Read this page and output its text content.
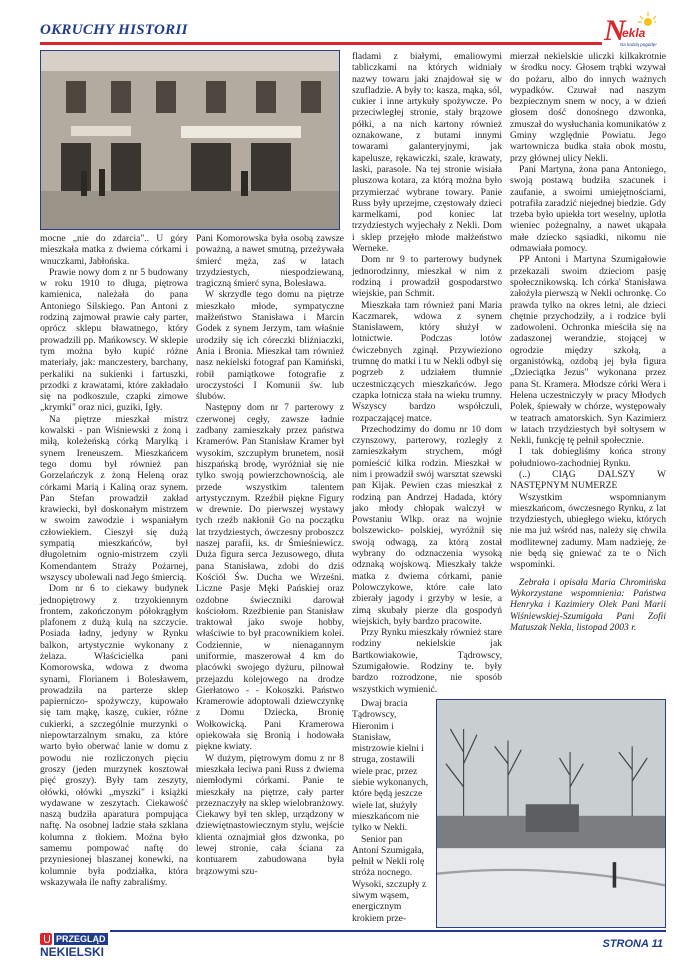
OKRUCHY HISTORII	N
ekla
Na każdą pogodę!

mocne „nie do zdarcia".. U góry mieszkała matka z dwiema córkami i wnuczkami, Jabłońska.

Prawie nowy dom z nr 5 budowany w roku 1910 to długa, piętrowa kamienica, należała do pana Antoniego Silskiego. Pan Antoni z rodziną zajmował prawie cały parter, oprócz sklepu bławatnego, który prowadzili pp. Mańkowscy. W sklepie tym można było kupić różne materiały, jak: manczestery, barchany, perkaliki na sukienki i fartuszki, przodki z krawatami, które zakładało się na podkoszule, czapki zimowe „krymki" oraz nici, guziki, Igły.

Na piętrze mieszkał mistrz kowalski - pan Wiśniewski z żoną i miłą, koleżeńską córką Marylką i synem Ireneuszem. Mieszkańcem tego domu był również pan Gorzelańczyk z żoną Heleną oraz córkami Marią i Kaliną oraz synem. Pan Stefan prowadził zakład krawiecki, był doskonałym mistrzem w swoim zawodzie i wspaniałym człowiekiem. Cieszył się dużą sympatią mieszkańców, był długoletnim ognio-mistrzem czyli Komendantem Straży Pożarnej, wszyscy ubolewali nad Jego śmiercią.

Dom nr 6 to ciekawy budynek jednopiętrowy z trzyokiennym frontem, zakończonym półokrągłym plafonem z dużą kulą na szczycie. Posiada ładny, jedyny w Rynku balkon, artystycznie wykonany z żelaza. Właścicielka pani Komorowska, wdowa z dwoma synami, Florianem i Bolesławem, prowadziła na parterze sklep papierniczo- spożywczy, kupowało się tam mąkę, kaszę, cukier, różne cukierki, a szczególnie murzynki o niepowtarzalnym smaku, za które warto było oberwać lanie w domu z powodu nie rozliczonych pięciu groszy (jeden murzynek kosztował pięć groszy). Były tam zeszyty, ołówki, ołówki „myszki" i książki wydawane w zeszytach. Ciekawość naszą budziła aparatura pompująca naftę. Na osobnej ladzie stała szklana kolumna z tłokiem. Można było samemu pompować naftę do przyniesionej blaszanej konewki, na kolumnie była podziałka, która wskazywała ile nafty zabraliśmy.

Pani Komorowska była osobą zawsze poważną, a nawet smutną, przeżywała śmierć męża, zaś w latach trzydziestych, niespodziewaną, tragiczną śmierć syna, Bolesława.

W skrzydle tego domu na piętrze mieszkało młode, sympatyczne małżeństwo Stanisława i Marcin Godek z synem Jerzym, tam właśnie urodziły się ich córeczki bliźniaczki, Ania i Bronia. Mieszkał tam również nasz nekielski fotograf pan Kamiński, robił pamiątkowe fotografie z uroczystości I Komunii św. lub ślubów.

Następny dom nr 7 parterowy z czerwonej cegły, zawsze ładnie zadbany zamieszkały przez państwa Kramerów. Pan Stanisław Kramer był wysokim, szczupłym brunetem, nosił hiszpańską brodę, wyróżniał się nie tylko swoją powierzchownością, ale przede wszystkim talentem artystycznym. Rzeźbił piękne Figury w drewnie. Do pierwszej wystawy tych rzeźb nakłonił Go na początku lat trzydziestych, ówczesny proboszcz naszej parafii, ks. dr Śmieśniewicz. Duża figura serca Jezusowego, dłuta pana Stanisława, zdobi do dziś Kościół Św. Ducha we Wrześni. Liczne Pasje Męki Pańskiej oraz ozdobne świeczniki darował kościołom. Rzeźbienie pan Stanisław traktował jako swoje hobby, właściwie to był pracownikiem kolei. Codziennie, w nienagannym uniformie, maszerował 4 km do placówki swojego dyżuru, pilnował przejazdu kolejowego na drodze Gierłatowo - - Kokoszki. Państwo Kramerowie adoptowali dziewczynkę z Domu Dziecka, Bronię Wołkowicką. Pani Kramerowa opiekowała się Bronią i hodowała piękne kwiaty.

W dużym, piętrowym domu z nr 8 mieszkała leciwa pani Russ z dwiema niemłodymi córkami. Panie te mieszkały na piętrze, cały parter przeznaczyły na sklep wielobranżowy. Ciekawy był ten sklep, urządzony w dziewiętnastowiecznym stylu, wejście klienta oznajmiał głos dzwonka, po lewej stronie, cała ściana za kontuarem zabudowana była brązowymi szu-

fladami z białymi, emaliowymi tabliczkami na których widniały nazwy towaru jaki znajdował się w szufladzie. A były to: kasza, mąka, sól, cukier i inne artykuły spożywcze. Po przeciwległej stronie, stały brązowe półki, a na nich kartony również oznakowane, z butami innymi towarami galanteryjnymi, jak kapelusze, rękawiczki, szale, krawaty, laski, parasole. Na tej stronie wisiała pluszowa kotara, za którą można było przymierzać wybrane towary. Panie Russ były uprzejme, częstowały dzieci karmelkami, pod koniec lat trzydziestych wyjechały z Nekli. Dom i sklep przejęło młode małżeństwo Werneke.

Dom nr 9 to parterowy budynek jednorodzinny, mieszkał w nim z rodziną i prowadził gospodarstwo wiejskie, pan Schmit.

Mieszkała tam również pani Maria Kaczmarek, wdowa z synem Stanisławem, który służył w lotnictwie. Podczas lotów ćwiczebnych zginął. Przywieziono trumnę do matki i tu w Nekli odbył się pogrzeb z udziałem tłumnie uczestniczących mieszkańców. Jego czapka lotnicza stała na wieku trumny. Wszyscy bardzo współczuli, rozpaczającej matce.

Przechodzimy do domu nr 10 dom czynszowy, parterowy, rozległy z zamieszkałym strychem, mógł pomieścić kilka rodzin. Mieszkał w nim i prowadził swój warsztat szewski pan Kijak. Pewien czas mieszkał z rodziną pan Andrzej Hadada, który jako młody chłopak walczył w Powstaniu Wlkp. oraz na wojnie bolszewicko- polskiej, wyróżnił się swoją odwagą, za którą został wybrany do odznaczenia wysoką odznaką wojskową. Mieszkały także matka z dwiema córkami, panie Polowczykowe, które całe lato zbierały jagody i grzyby w lesie, a zimą skubały pierze dla gospodyń wiejskich, były bardzo pracowite.

Przy Rynku mieszkały również stare rodziny nekielskie jak Bartkowiakowie, Tądrowscy, Szumigałowie. Rodziny te. były bardzo rozrodzone, nie sposób wszystkich wymienić.

Dwaj bracia Tądrowscy, Hieronim i Stanisław, mistrzowie kielni i struga, zostawili wiele prac, przez siebie wykonanych, które będą jeszcze wiele lat, służyły mieszkańcom nie tylko w Nekli.

Senior pan Antoni Szumigała, pełnił w Nekli rolę stróża nocnego. Wysoki, szczupły z siwym wąsem, energicznym krokiem prze-

mierzał nekielskie uliczki kilkakrotnie w środku nocy. Głosem trąbki wzywał do pożaru, albo do innych ważnych wypadków. Czuwał nad naszym bezpiecznym snem w nocy, a w dzień głosem dość donośnego dzwonka, zmuszał do wysłuchania komunikatów z Gminy względnie Powiatu. Jego wartownicza budka stała obok mostu, przy głównej ulicy Nekli.

Pani Martyna, żona pana Antoniego, swoją postawą budziła szacunek i zaufanie, a swoimi umiejętnościami, potrafiła zaradzić niejednej biedzie. Gdy trzeba było upiekła tort weselny, uplotła wieniec pożegnalny, a nawet ukąpała małe dziecko sąsiadki, nikomu nie odmawiała pomocy.

PP Antoni i Martyna Szumigałowie przekazali swoim dzieciom pasję społecznikowską. Ich córka' Stanisława założyła pierwszą w Nekli ochronkę. Co prawda tylko na okres letni, ale dzieci chętnie przychodziły, a i rodzice byli zadowoleni. Ochronka mieściła się na zadaszonej werandzie, stojącej w ogrodzie między szkołą, a organistówką, ozdobą jej była figura „Dzieciątka Jezus" wykonana przez pana St. Kramera. Młodsze córki Wera i Helena uczestniczyły w pracy Młodych Polek, śpiewały w chórze, występowały w teatrach amatorskich. Syn Kazimierz w latach trzydziestych był sołtysem w Nekli, funkcję tę pełnił społecznie.

I tak dobiegliśmy końca strony południowo-zachodniej Rynku.

(..) CIĄG DALSZY W NASTĘPNYM NUMERZE

Wszystkim wspomnianym mieszkańcom, ówczesnego Rynku, z lat trzydziestych, ubiegłego wieku, których nie ma już wśród nas, należy się chwila modlitewnej zadumy. Mam nadzieję, że nie będą się gniewać za te o Nich wspominki.

Zebrała i opisała Maria Chromińska Wykorzystane wspomnienia: Państwa Henryka i Kazimiery Olek Pani Marii Wiśniewskiej-Szumigała Pani Zofii Matuszak Nekla, listopad 2003 r.

PRZEGLĄD
NEKIELSKI
STRONA 11
